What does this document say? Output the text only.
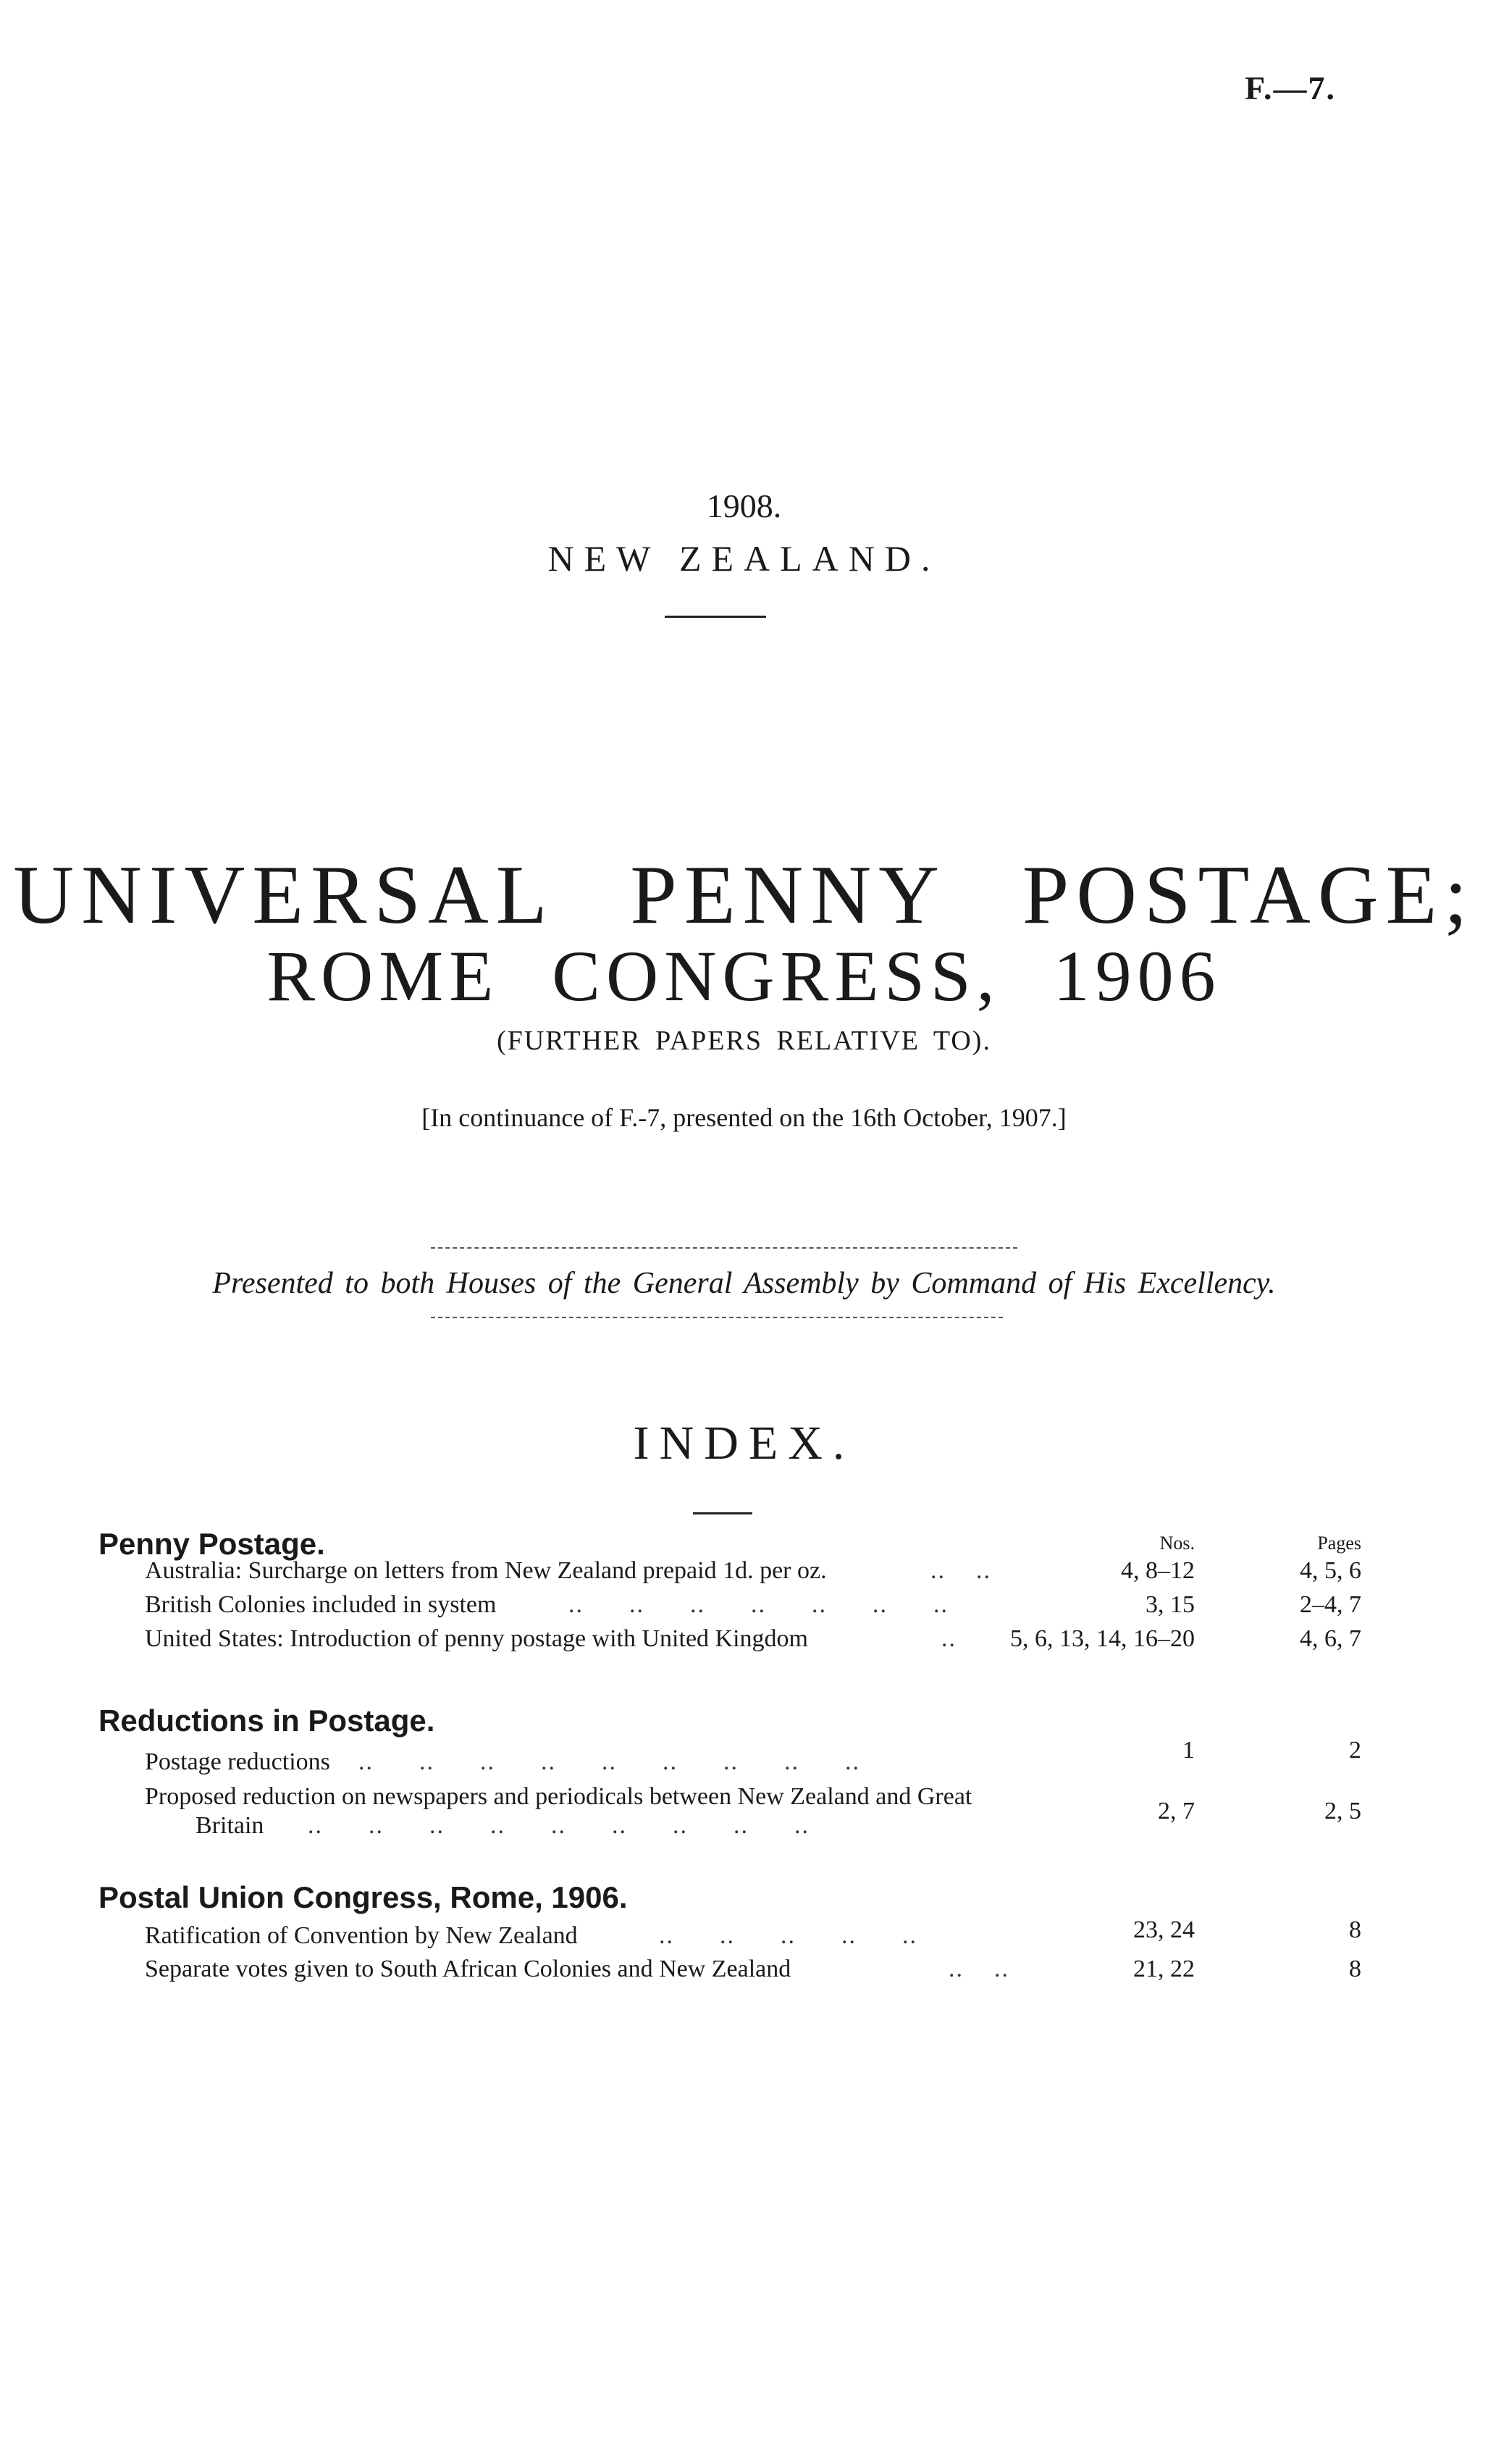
F.—7.
1908.
NEW ZEALAND.
UNIVERSAL PENNY POSTAGE;
ROME CONGRESS, 1906
(FURTHER PAPERS RELATIVE TO).
[In continuance of F.-7, presented on the 16th October, 1907.]
Presented to both Houses of the General Assembly by Command of His Excellency.
INDEX.
Penny Postage.	Nos.	Pages
Australia: Surcharge on letters from New Zealand prepaid 1d. per oz.	..    ..	4, 8–12	4, 5, 6
British Colonies included in system	..      ..      ..      ..      ..      ..      ..	3, 15	2–4, 7
United States: Introduction of penny postage with United Kingdom	.. 5, 6, 13, 14, 16–20	4, 6, 7
Reductions in Postage.
Postage reductions ..      ..      ..      ..      ..      ..      ..      ..      ..	1	2
Proposed reduction on newspapers and periodicals between New Zealand and Great
Britain ..      ..      ..      ..      ..      ..      ..      ..      ..
2, 7	2, 5
Postal Union Congress, Rome, 1906.
Ratification of Convention by New Zealand	..      ..      ..      ..      ..	23, 24	8
Separate votes given to South African Colonies and New Zealand	..    ..	21, 22	8
